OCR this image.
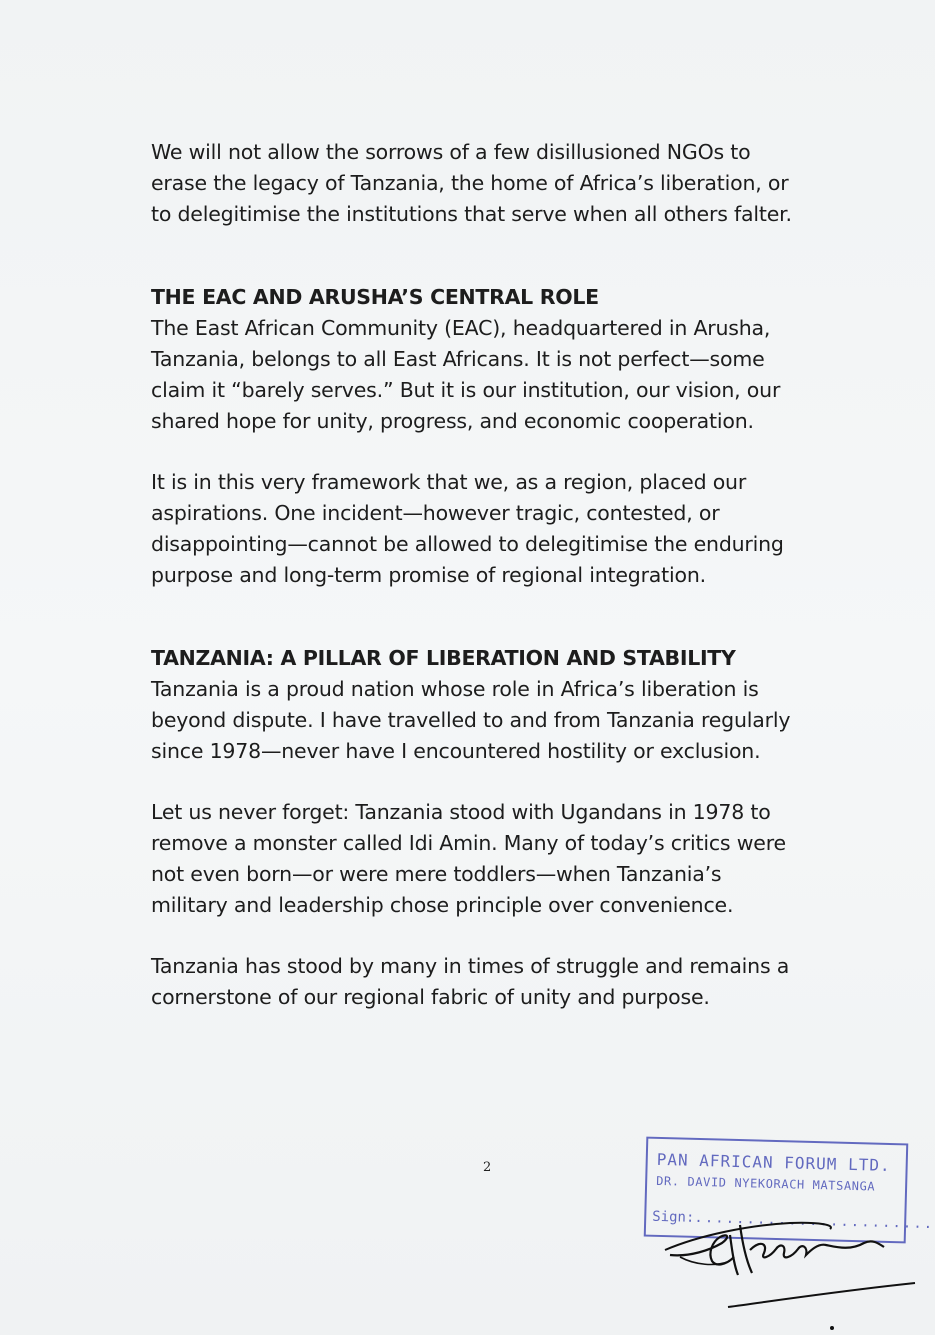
We will not allow the sorrows of a few disillusioned NGOs to
erase the legacy of Tanzania, the home of Africa’s liberation, or
to delegitimise the institutions that serve when all others falter.

THE EAC AND ARUSHA’S CENTRAL ROLE

The East African Community (EAC), headquartered in Arusha,
Tanzania, belongs to all East Africans. It is not perfect—some
claim it “barely serves.” But it is our institution, our vision, our
shared hope for unity, progress, and economic cooperation.

It is in this very framework that we, as a region, placed our
aspirations. One incident—however tragic, contested, or
disappointing—cannot be allowed to delegitimise the enduring
purpose and long-term promise of regional integration.

TANZANIA: A PILLAR OF LIBERATION AND STABILITY

Tanzania is a proud nation whose role in Africa’s liberation is
beyond dispute. I have travelled to and from Tanzania regularly
since 1978—never have I encountered hostility or exclusion.

Let us never forget: Tanzania stood with Ugandans in 1978 to
remove a monster called Idi Amin. Many of today’s critics were
not even born—or were mere toddlers—when Tanzania’s
military and leadership chose principle over convenience.

Tanzania has stood by many in times of struggle and remains a
cornerstone of our regional fabric of unity and purpose.

2	PAN AFRICAN FORUM LTD.
DR. DAVID NYEKORACH MATSANGA
Sign:.......................
